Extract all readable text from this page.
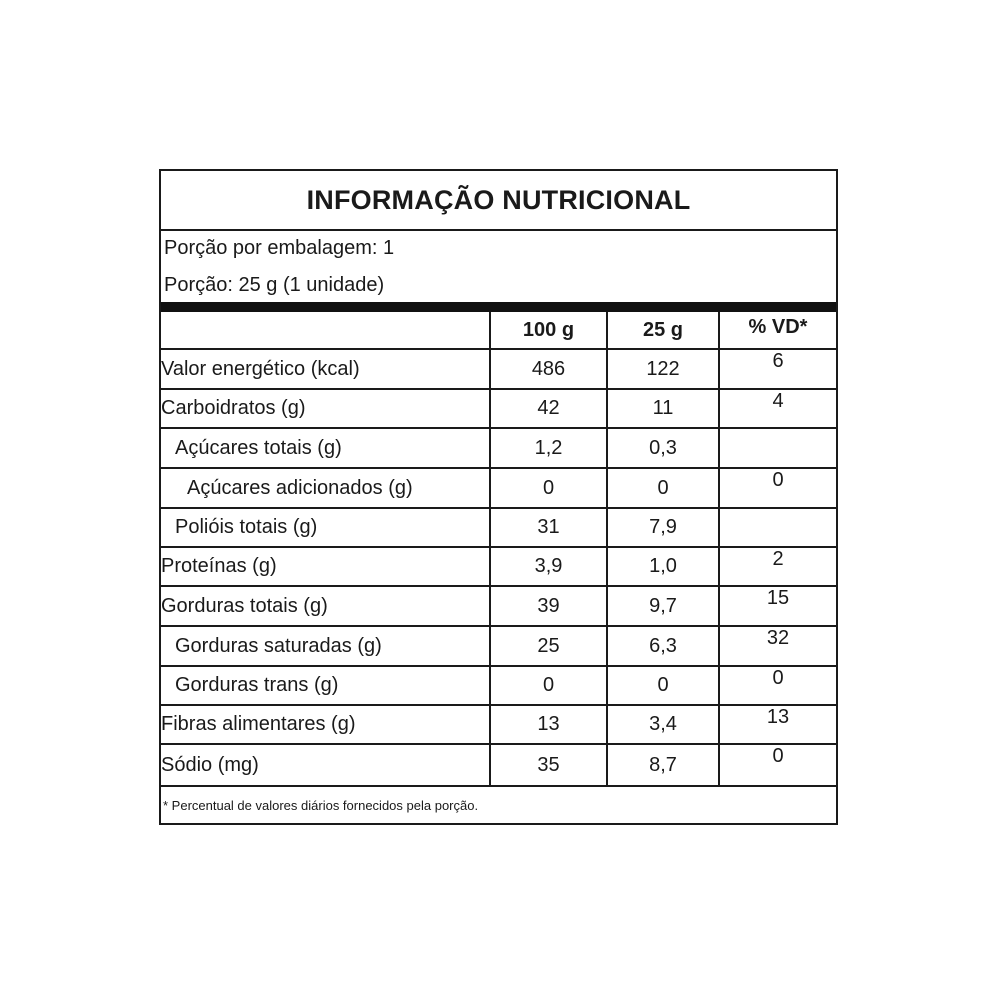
INFORMAÇÃO NUTRICIONAL
Porção por embalagem: 1
Porção: 25 g (1 unidade)
	100 g	25 g	% VD*
Valor energético (kcal)	486	122	6
Carboidratos (g)	42	11	4
Açúcares totais (g)	1,2	0,3	
Açúcares adicionados (g)	0	0	0
Polióis totais (g)	31	7,9	
Proteínas (g)	3,9	1,0	2
Gorduras totais (g)	39	9,7	15
Gorduras saturadas (g)	25	6,3	32
Gorduras trans (g)	0	0	0
Fibras alimentares (g)	13	3,4	13
Sódio (mg)	35	8,7	0
* Percentual de valores diários fornecidos pela porção.
